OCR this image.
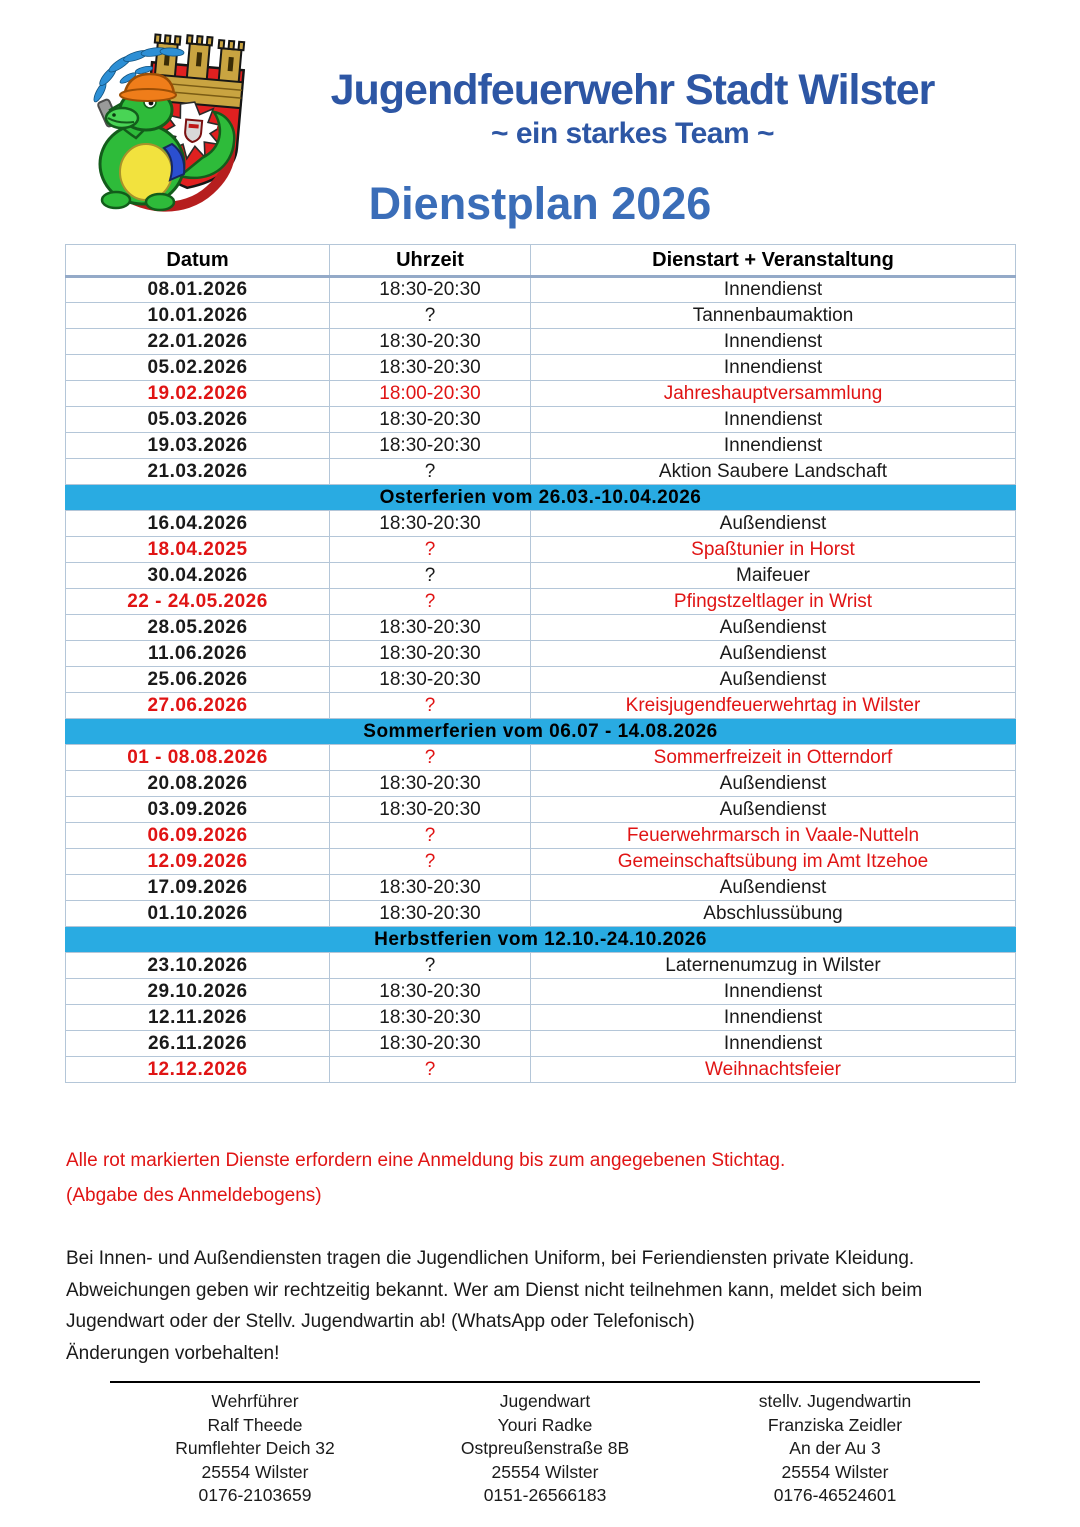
Jugendfeuerwehr Stadt Wilster
~ ein starkes Team ~
Dienstplan 2026
Datum	Uhrzeit	Dienstart + Veranstaltung
08.01.2026	18:30-20:30	Innendienst
10.01.2026	?	Tannenbaumaktion
22.01.2026	18:30-20:30	Innendienst
05.02.2026	18:30-20:30	Innendienst
19.02.2026	18:00-20:30	Jahreshauptversammlung
05.03.2026	18:30-20:30	Innendienst
19.03.2026	18:30-20:30	Innendienst
21.03.2026	?	Aktion Saubere Landschaft
Osterferien vom 26.03.-10.04.2026		
16.04.2026	18:30-20:30	Außendienst
18.04.2025	?	Spaßtunier in Horst
30.04.2026	?	Maifeuer
22 - 24.05.2026	?	Pfingstzeltlager in Wrist
28.05.2026	18:30-20:30	Außendienst
11.06.2026	18:30-20:30	Außendienst
25.06.2026	18:30-20:30	Außendienst
27.06.2026	?	Kreisjugendfeuerwehrtag in Wilster
Sommerferien vom 06.07 - 14.08.2026		
01 - 08.08.2026	?	Sommerfreizeit in Otterndorf
20.08.2026	18:30-20:30	Außendienst
03.09.2026	18:30-20:30	Außendienst
06.09.2026	?	Feuerwehrmarsch in Vaale-Nutteln
12.09.2026	?	Gemeinschaftsübung im Amt Itzehoe
17.09.2026	18:30-20:30	Außendienst
01.10.2026	18:30-20:30	Abschlussübung
Herbstferien vom 12.10.-24.10.2026		
23.10.2026	?	Laternenumzug in Wilster
29.10.2026	18:30-20:30	Innendienst
12.11.2026	18:30-20:30	Innendienst
26.11.2026	18:30-20:30	Innendienst
12.12.2026	?	Weihnachtsfeier
Alle rot markierten Dienste erfordern eine Anmeldung bis zum angegebenen Stichtag.
(Abgabe des Anmeldebogens)
Bei Innen- und Außendiensten tragen die Jugendlichen Uniform, bei Feriendiensten private Kleidung.
Abweichungen geben wir rechtzeitig bekannt. Wer am Dienst nicht teilnehmen kann, meldet sich beim
Jugendwart oder der Stellv. Jugendwartin ab! (WhatsApp oder Telefonisch)
Änderungen vorbehalten!
Wehrführer
Ralf Theede
Rumflehter Deich 32
25554 Wilster
0176-2103659
Jugendwart
Youri Radke
Ostpreußenstraße 8B
25554 Wilster
0151-26566183
stellv. Jugendwartin
Franziska Zeidler
An der Au 3
25554 Wilster
0176-46524601
